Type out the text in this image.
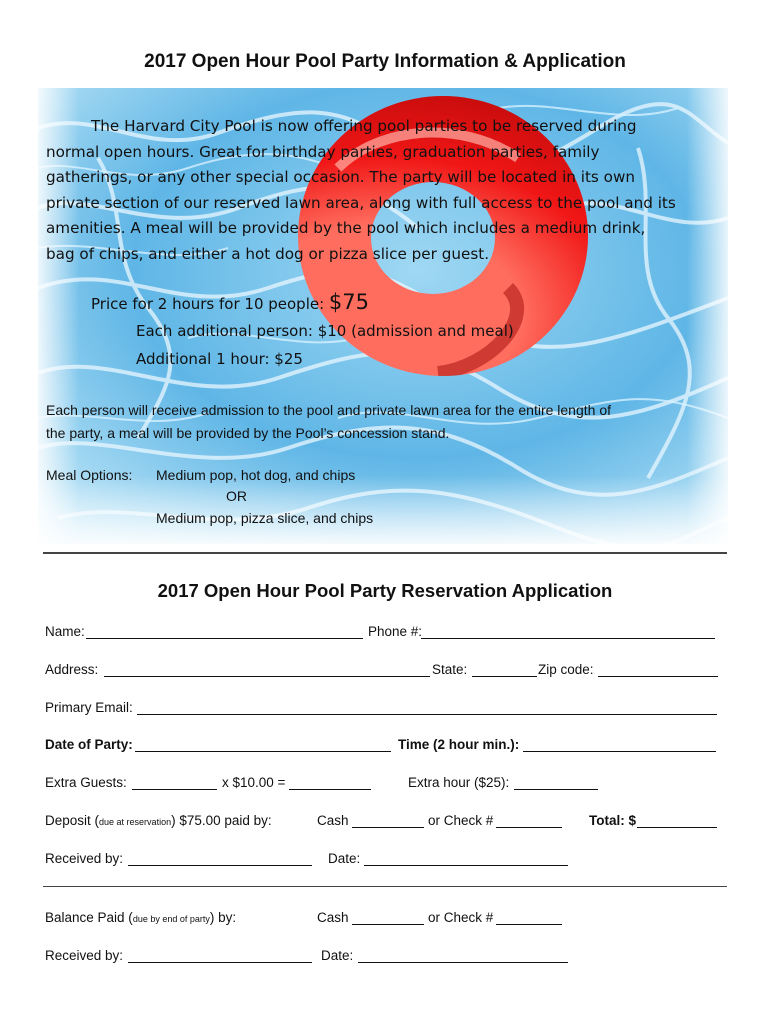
2017 Open Hour Pool Party Information & Application
The Harvard City Pool is now offering pool parties to be reserved during
normal open hours. Great for birthday parties, graduation parties, family
gatherings, or any other special occasion. The party will be located in its own
private section of our reserved lawn area, along with full access to the pool and its
amenities. A meal will be provided by the pool which includes a medium drink,
bag of chips, and either a hot dog or pizza slice per guest.
Price for 2 hours for 10 people: $75
Each additional person: $10 (admission and meal)
Additional 1 hour: $25
Each person will receive admission to the pool and private lawn area for the entire length of
the party, a meal will be provided by the Pool’s concession stand.
Meal Options: Medium pop, hot dog, and chips
OR
Medium pop, pizza slice, and chips
2017 Open Hour Pool Party Reservation Application
Name:	Phone #:
Address:	State:	Zip code:
Primary Email:
Date of Party:	Time (2 hour min.):
Extra Guests:	x $10.00 =	Extra hour ($25):
Deposit (due at reservation) $75.00 paid by:	Cash	or Check #	Total: $
Received by:	Date:
Balance Paid (due by end of party) by:	Cash	or Check #
Received by:	Date:
